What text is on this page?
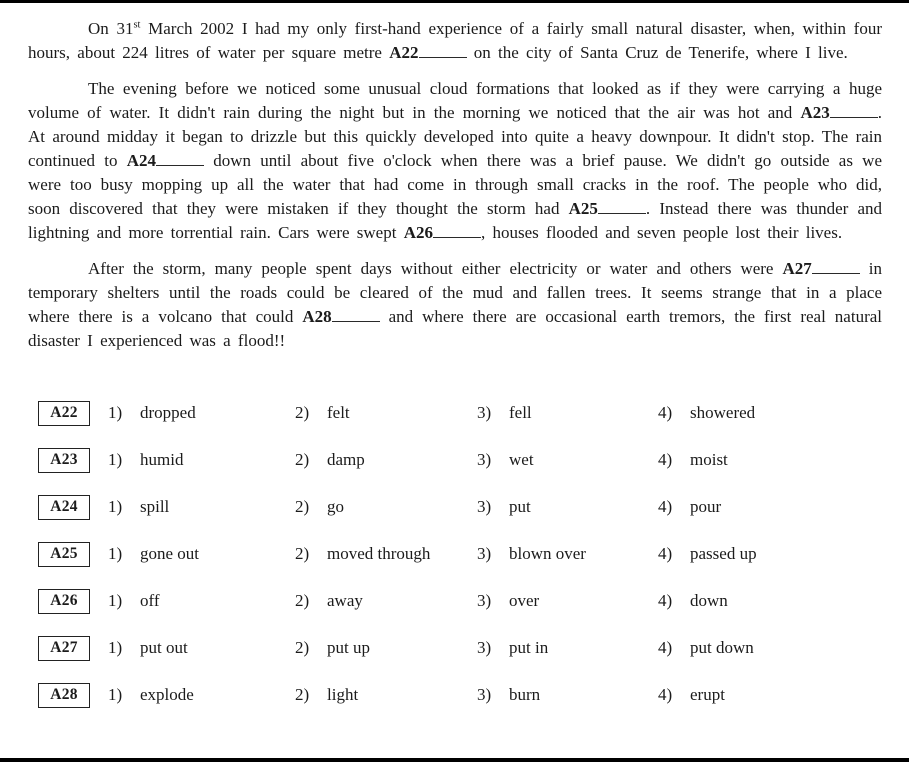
On 31st March 2002 I had my only first-hand experience of a fairly small natural disaster, when, within four hours, about 224 litres of water per square metre A22	on the city of Santa Cruz de Tenerife, where I live.

The evening before we noticed some unusual cloud formations that looked as if they were carrying a huge volume of water. It didn't rain during the night but in the morning we noticed that the air was hot and A23	. At around midday it began to drizzle but this quickly developed into quite a heavy downpour. It didn't stop. The rain continued to A24	down until about five o'clock when there was a brief pause. We didn't go outside as we were too busy mopping up all the water that had come in through small cracks in the roof. The people who did, soon discovered that they were mistaken if they thought the storm had A25	. Instead there was thunder and lightning and more torrential rain. Cars were swept A26	, houses flooded and seven people lost their lives.

After the storm, many people spent days without either electricity or water and others were A27	in temporary shelters until the roads could be cleared of the mud and fallen trees. It seems strange that in a place where there is a volcano that could A28	and where there are occasional earth tremors, the first real natural disaster I experienced was a flood!!

A22	1) dropped	2) felt	3) fell	4) showered
A23	1) humid	2) damp	3) wet	4) moist
A24	1) spill	2) go	3) put	4) pour
A25	1) gone out	2) moved through	3) blown over	4) passed up
A26	1) off	2) away	3) over	4) down
A27	1) put out	2) put up	3) put in	4) put down
A28	1) explode	2) light	3) burn	4) erupt
